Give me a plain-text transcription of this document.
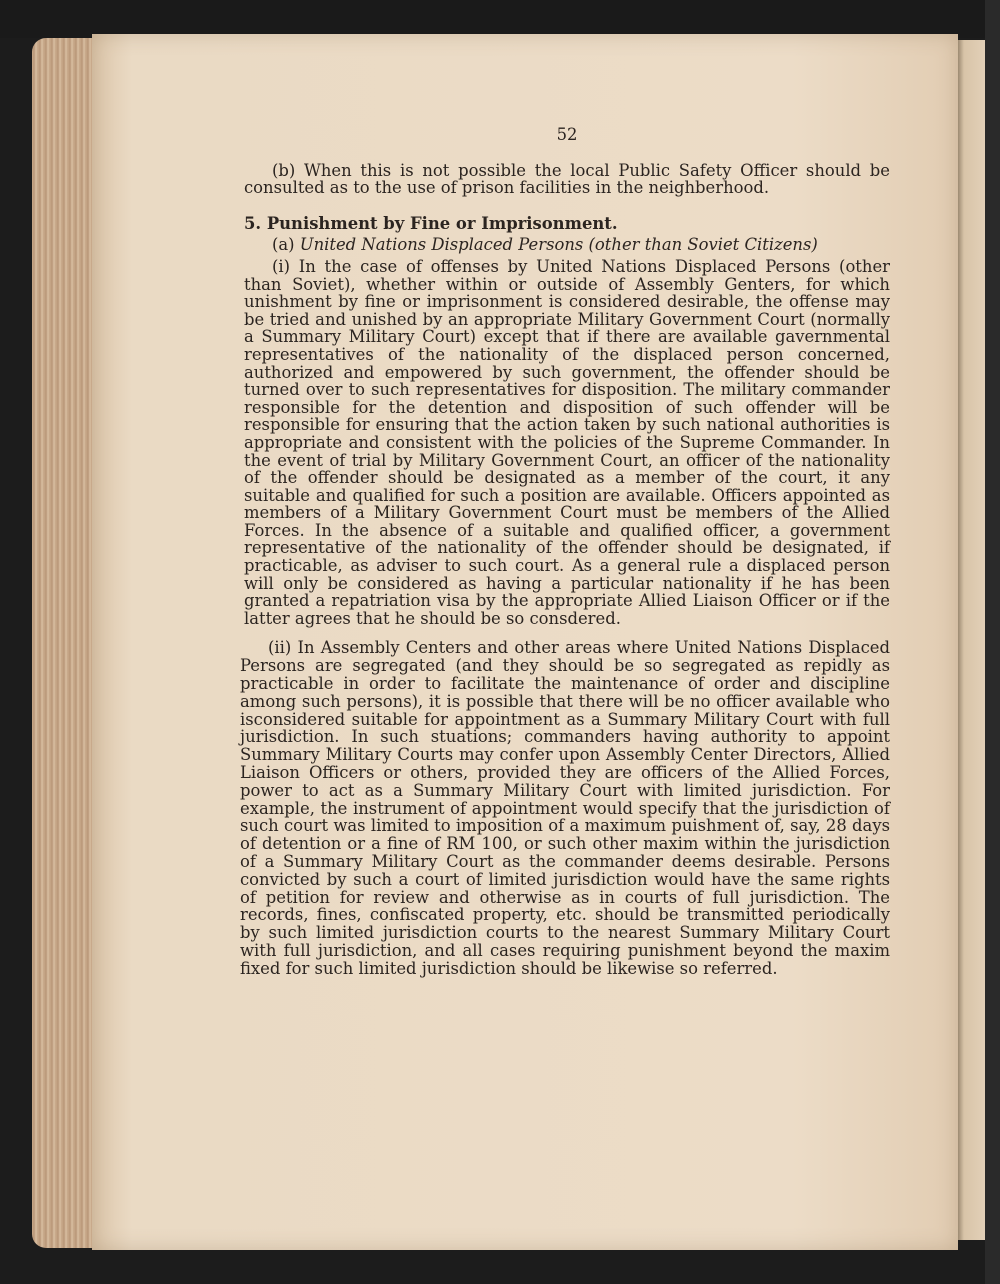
52

(b) When this is not possible the local Public Safety Officer should be consulted as to the use of prison facilities in the neighberhood.

5. Punishment by Fine or Imprisonment.

(a) United Nations Displaced Persons (other than Soviet Citizens)

(i) In the case of offenses by United Nations Displaced Persons (other than Soviet), whether within or outside of Assembly Genters, for which unishment by fine or imprisonment is considered desirable, the offense may be tried and unished by an appropriate Military Government Court (normally a Summary Military Court) except that if there are available gavernmental representatives of the nationality of the displaced person concerned, authorized and empowered by such government, the offender should be turned over to such representatives for disposition. The military commander responsible for the detention and disposition of such offender will be responsible for ensuring that the action taken by such national authorities is appropriate and consistent with the policies of the Supreme Commander. In the event of trial by Military Government Court, an officer of the nationality of the offender should be designated as a member of the court, it any suitable and qualified for such a position are available. Officers appointed as members of a Military Government Court must be members of the Allied Forces. In the absence of a suitable and qualified officer, a government representative of the nationality of the offender should be designated, if practicable, as adviser to such court. As a general rule a displaced person will only be considered as having a particular nationality if he has been granted a repatriation visa by the appropriate Allied Liaison Officer or if the latter agrees that he should be so consdered.

(ii) In Assembly Centers and other areas where United Nations Displaced Persons are segregated (and they should be so segregated as repidly as practicable in order to facilitate the maintenance of order and discipline among such persons), it is possible that there will be no officer available who isconsidered suitable for appointment as a Summary Military Court with full jurisdiction. In such stuations; commanders having authority to appoint Summary Military Courts may confer upon Assembly Center Directors, Allied Liaison Officers or others, provided they are officers of the Allied Forces, power to act as a Summary Military Court with limited jurisdiction. For example, the instrument of appointment would specify that the jurisdiction of such court was limited to imposition of a maximum puishment of, say, 28 days of detention or a fine of RM 100, or such other maxim within the jurisdiction of a Summary Military Court as the commander deems desirable. Persons convicted by such a court of limited jurisdiction would have the same rights of petition for review and otherwise as in courts of full jurisdiction. The records, fines, confiscated property, etc. should be transmitted periodically by such limited jurisdiction courts to the nearest Summary Military Court with full jurisdiction, and all cases requiring punishment beyond the maxim fixed for such limited jurisdiction should be likewise so referred.
